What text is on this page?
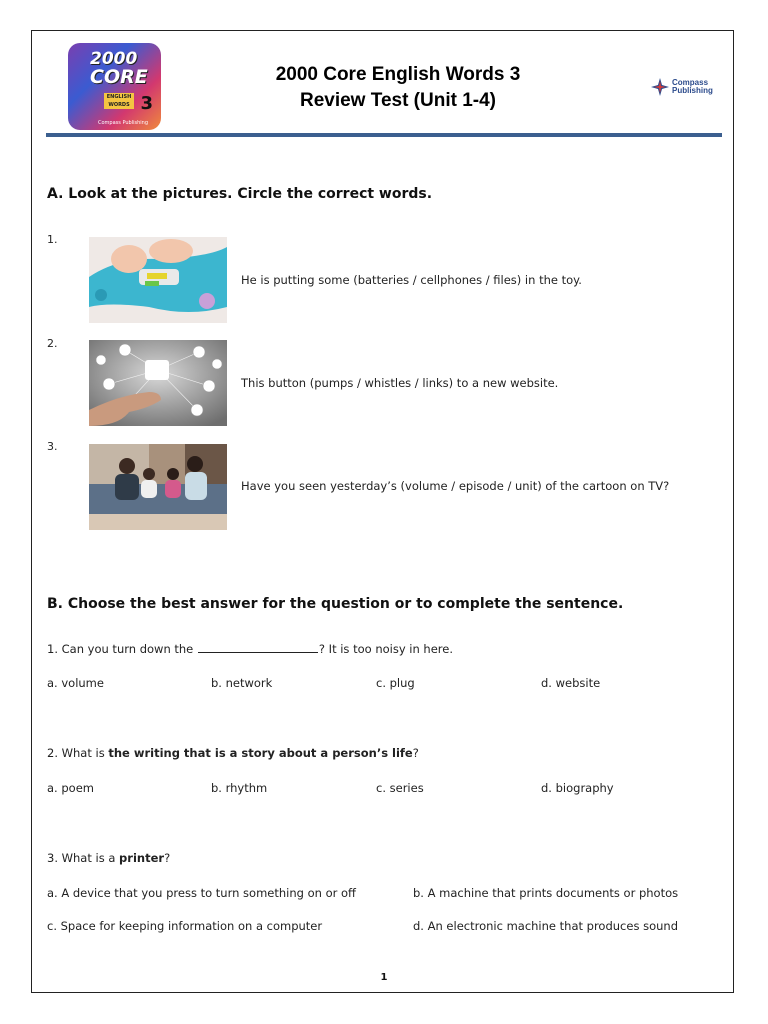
2000
CORE
ENGLISH WORDS 3
Compass Publishing
2000 Core English Words 3
Review Test (Unit 1-4)
Compass
Publishing
A. Look at the pictures. Circle the correct words.
1.
He is putting some (batteries / cellphones / files) in the toy.
2.
This button (pumps / whistles / links) to a new website.
3.
Have you seen yesterday’s (volume / episode / unit) of the cartoon on TV?
B. Choose the best answer for the question or to complete the sentence.
1. Can you turn down the	? It is too noisy in here.
a. volume	b. network	c. plug	d. website
2. What is the writing that is a story about a person’s life?
a. poem	b. rhythm	c. series	d. biography
3. What is a printer?
a. A device that you press to turn something on or off	b. A machine that prints documents or photos
c. Space for keeping information on a computer	d. An electronic machine that produces sound
1
